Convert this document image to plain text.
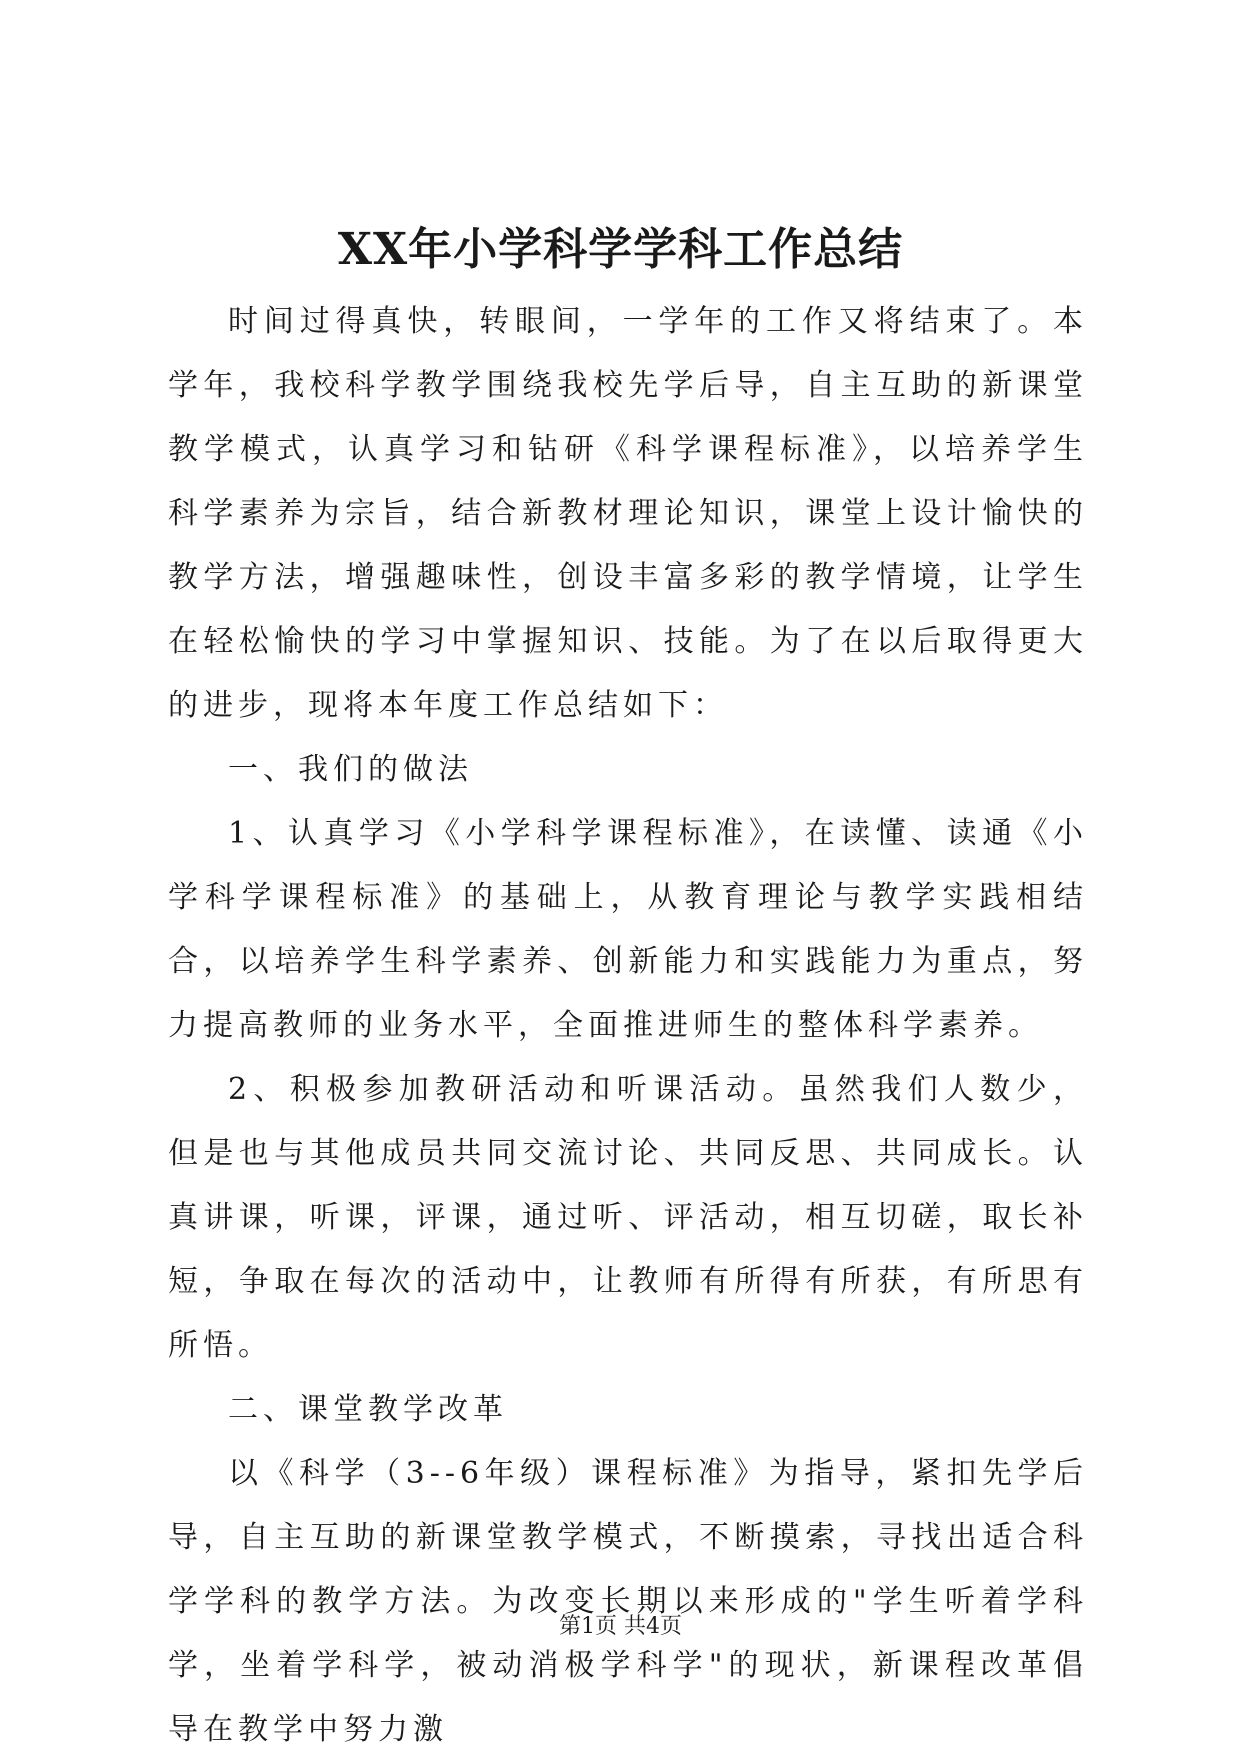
XX年小学科学学科工作总结

时间过得真快，转眼间，一学年的工作又将结束了。本学年，我校科学教学围绕我校先学后导，自主互助的新课堂教学模式，认真学习和钻研《科学课程标准》，以培养学生科学素养为宗旨，结合新教材理论知识，课堂上设计愉快的教学方法，增强趣味性，创设丰富多彩的教学情境，让学生在轻松愉快的学习中掌握知识、技能。为了在以后取得更大的进步，现将本年度工作总结如下：

一、我们的做法

1、认真学习《小学科学课程标准》，在读懂、读通《小学科学课程标准》的基础上，从教育理论与教学实践相结合，以培养学生科学素养、创新能力和实践能力为重点，努力提高教师的业务水平，全面推进师生的整体科学素养。

2、积极参加教研活动和听课活动。虽然我们人数少，但是也与其他成员共同交流讨论、共同反思、共同成长。认真讲课，听课，评课，通过听、评活动，相互切磋，取长补短，争取在每次的活动中，让教师有所得有所获，有所思有所悟。

二、课堂教学改革

以《科学（3--6年级）课程标准》为指导，紧扣先学后导，自主互助的新课堂教学模式，不断摸索，寻找出适合科学学科的教学方法。为改变长期以来形成的"学生听着学科学，坐着学科学，被动消极学科学"的现状，新课程改革倡导在教学中努力激

第1页 共4页
